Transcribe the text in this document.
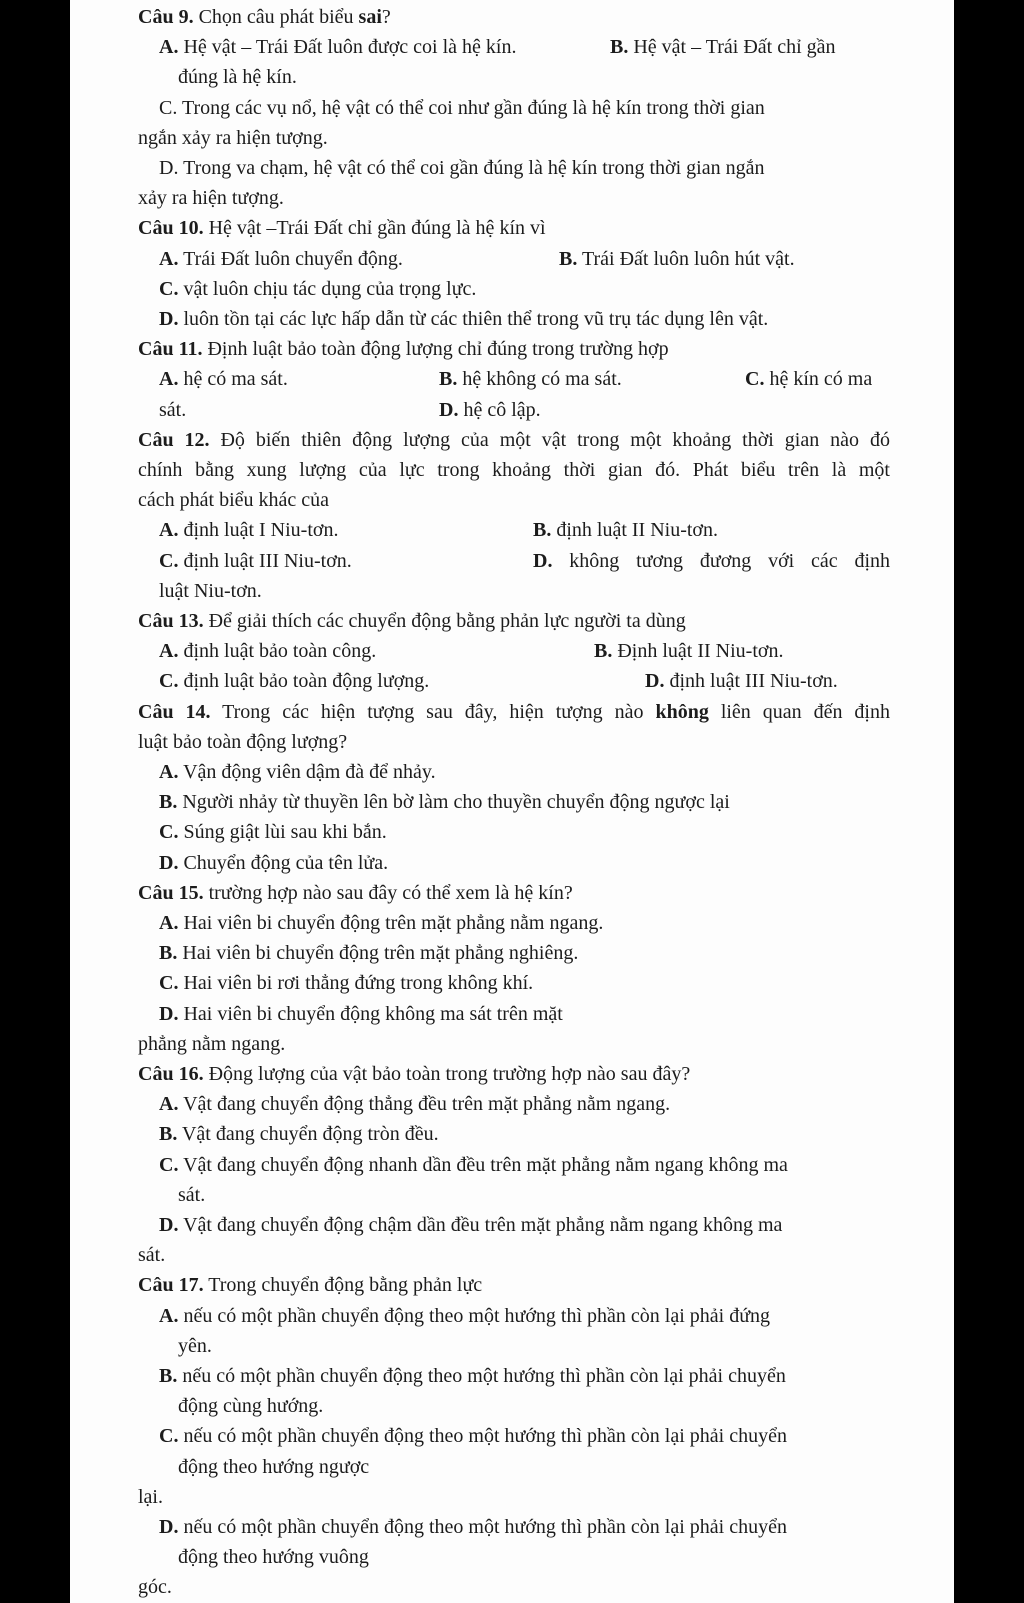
Câu 9. Chọn câu phát biểu sai?
A. Hệ vật – Trái Đất luôn được coi là hệ kín.	B. Hệ vật – Trái Đất chỉ gần
đúng là hệ kín.
C. Trong các vụ nổ, hệ vật có thể coi như gần đúng là hệ kín trong thời gian
ngắn xảy ra hiện tượng.
D. Trong va chạm, hệ vật có thể coi gần đúng là hệ kín trong thời gian ngắn
xảy ra hiện tượng.
Câu 10. Hệ vật –Trái Đất chỉ gần đúng là hệ kín vì
A. Trái Đất luôn chuyển động.	B. Trái Đất luôn luôn hút vật.
C. vật luôn chịu tác dụng của trọng lực.
D. luôn tồn tại các lực hấp dẫn từ các thiên thể trong vũ trụ tác dụng lên vật.
Câu 11. Định luật bảo toàn động lượng chỉ đúng trong trường hợp
A. hệ có ma sát.	B. hệ không có ma sát.	C. hệ kín có ma
sát.	D. hệ cô lập.
Câu 12. Độ biến thiên động lượng của một vật trong một khoảng thời gian nào đó
chính bằng xung lượng của lực trong khoảng thời gian đó. Phát biểu trên là một
cách phát biểu khác của
A. định luật I Niu-tơn.	B. định luật II Niu-tơn.
C. định luật III Niu-tơn.	D. không tương đương với các định
luật Niu-tơn.
Câu 13. Để giải thích các chuyển động bằng phản lực người ta dùng
A. định luật bảo toàn công.	B. Định luật II Niu-tơn.
C. định luật bảo toàn động lượng.	D. định luật III Niu-tơn.
Câu 14. Trong các hiện tượng sau đây, hiện tượng nào không liên quan đến định
luật bảo toàn động lượng?
A. Vận động viên dậm đà để nhảy.
B. Người nhảy từ thuyền lên bờ làm cho thuyền chuyển động ngược lại
C. Súng giật lùi sau khi bắn.
D. Chuyển động của tên lửa.
Câu 15. trường hợp nào sau đây có thể xem là hệ kín?
A. Hai viên bi chuyển động trên mặt phẳng nằm ngang.
B. Hai viên bi chuyển động trên mặt phẳng nghiêng.
C. Hai viên bi rơi thẳng đứng trong không khí.
D. Hai viên bi chuyển động không ma sát trên mặt
phẳng nằm ngang.
Câu 16. Động lượng của vật bảo toàn trong trường hợp nào sau đây?
A. Vật đang chuyển động thẳng đều trên mặt phẳng nằm ngang.
B. Vật đang chuyển động tròn đều.
C. Vật đang chuyển động nhanh dần đều trên mặt phẳng nằm ngang không ma
sát.
D. Vật đang chuyển động chậm dần đều trên mặt phẳng nằm ngang không ma
sát.
Câu 17. Trong chuyển động bằng phản lực
A. nếu có một phần chuyển động theo một hướng thì phần còn lại phải đứng
yên.
B. nếu có một phần chuyển động theo một hướng thì phần còn lại phải chuyển
động cùng hướng.
C. nếu có một phần chuyển động theo một hướng thì phần còn lại phải chuyển
động theo hướng ngược
lại.
D. nếu có một phần chuyển động theo một hướng thì phần còn lại phải chuyển
động theo hướng vuông
góc.
